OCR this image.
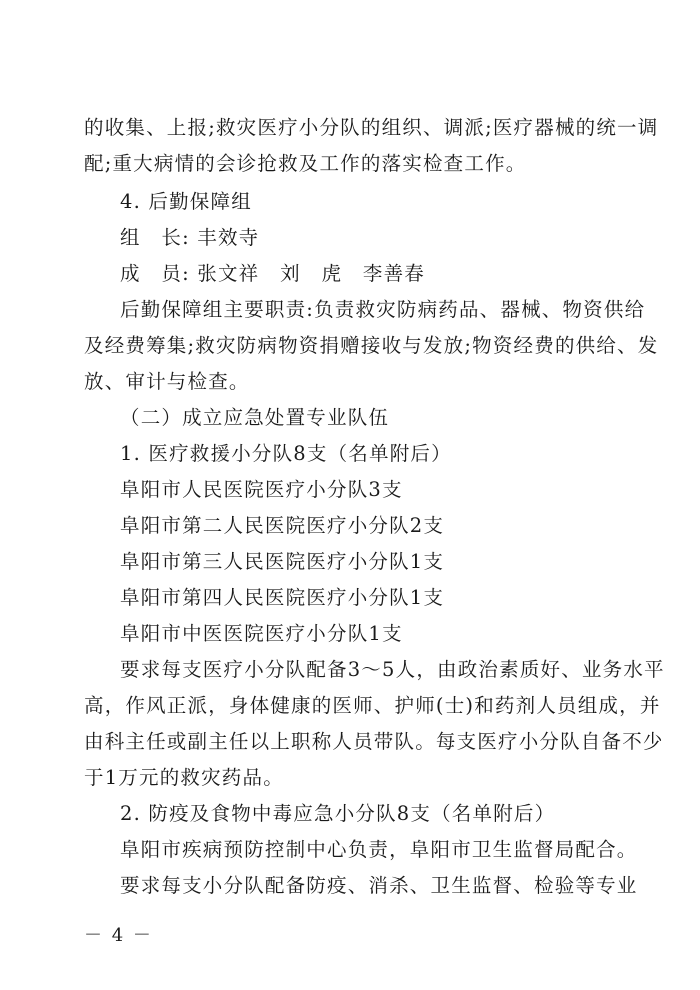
的收集、上报;救灾医疗小分队的组织、调派;医疗器械的统一调
配;重大病情的会诊抢救及工作的落实检查工作。
4. 后勤保障组
组　长: 丰效寺
成　员: 张文祥　刘　虎　李善春
后勤保障组主要职责:负责救灾防病药品、器械、物资供给
及经费筹集;救灾防病物资捐赠接收与发放;物资经费的供给、发
放、审计与检查。
（二）成立应急处置专业队伍
1. 医疗救援小分队8支（名单附后）
阜阳市人民医院医疗小分队3支
阜阳市第二人民医院医疗小分队2支
阜阳市第三人民医院医疗小分队1支
阜阳市第四人民医院医疗小分队1支
阜阳市中医医院医疗小分队1支
要求每支医疗小分队配备3～5人，由政治素质好、业务水平
高，作风正派，身体健康的医师、护师(士)和药剂人员组成，并
由科主任或副主任以上职称人员带队。每支医疗小分队自备不少
于1万元的救灾药品。
2. 防疫及食物中毒应急小分队8支（名单附后）
阜阳市疾病预防控制中心负责，阜阳市卫生监督局配合。
要求每支小分队配备防疫、消杀、卫生监督、检验等专业
－ 4 －
